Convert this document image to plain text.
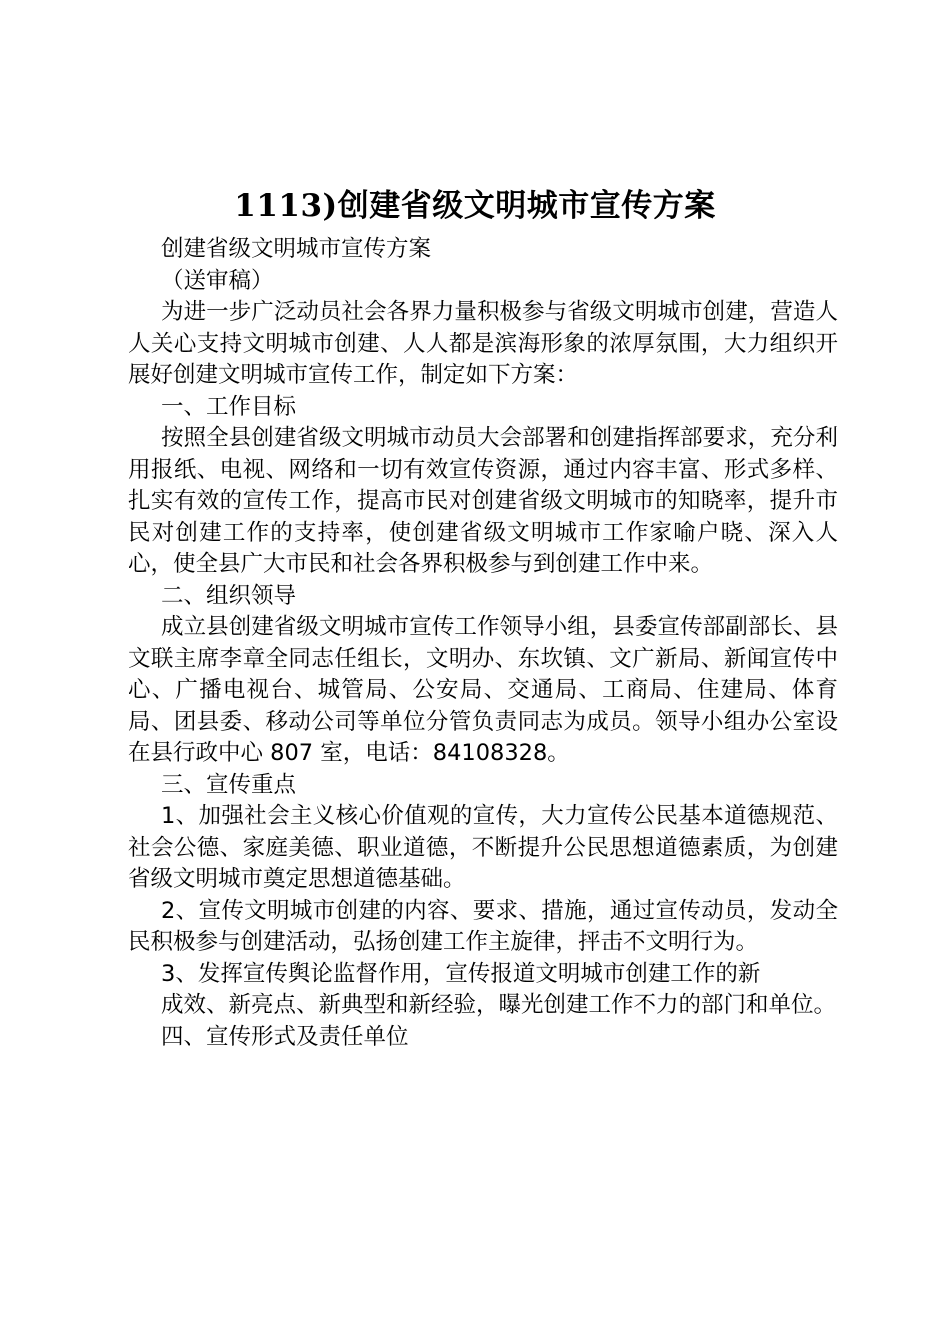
1113)创建省级文明城市宣传方案

创建省级文明城市宣传方案

（送审稿）

为进一步广泛动员社会各界力量积极参与省级文明城市创建，营造人人关心支持文明城市创建、人人都是滨海形象的浓厚氛围，大力组织开展好创建文明城市宣传工作，制定如下方案：

一、工作目标

按照全县创建省级文明城市动员大会部署和创建指挥部要求，充分利用报纸、电视、网络和一切有效宣传资源，通过内容丰富、形式多样、扎实有效的宣传工作，提高市民对创建省级文明城市的知晓率，提升市民对创建工作的支持率，使创建省级文明城市工作家喻户晓、深入人心，使全县广大市民和社会各界积极参与到创建工作中来。

二、组织领导

成立县创建省级文明城市宣传工作领导小组，县委宣传部副部长、县文联主席李章全同志任组长，文明办、东坎镇、文广新局、新闻宣传中心、广播电视台、城管局、公安局、交通局、工商局、住建局、体育局、团县委、移动公司等单位分管负责同志为成员。领导小组办公室设在县行政中心 807 室，电话：84108328。

三、宣传重点

1、加强社会主义核心价值观的宣传，大力宣传公民基本道德规范、社会公德、家庭美德、职业道德，不断提升公民思想道德素质，为创建省级文明城市奠定思想道德基础。

2、宣传文明城市创建的内容、要求、措施，通过宣传动员，发动全民积极参与创建活动，弘扬创建工作主旋律，抨击不文明行为。

3、发挥宣传舆论监督作用，宣传报道文明城市创建工作的新

成效、新亮点、新典型和新经验，曝光创建工作不力的部门和单位。

四、宣传形式及责任单位
